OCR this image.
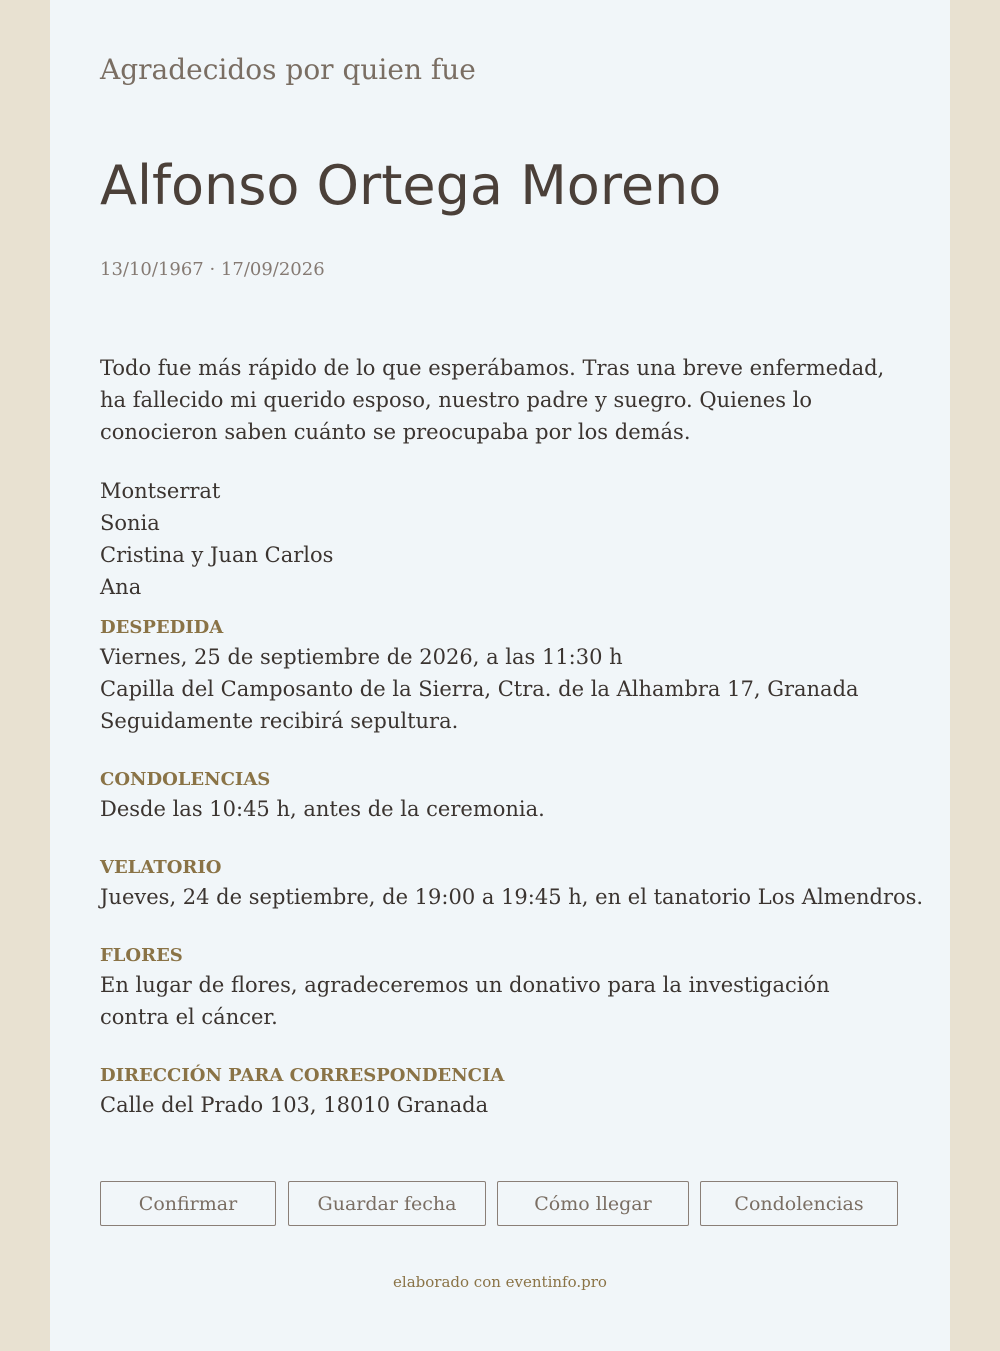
Agradecidos por quien fue

Alfonso Ortega Moreno

13/10/1967 · 17/09/2026

Todo fue más rápido de lo que esperábamos. Tras una breve enfermedad, ha fallecido mi querido esposo, nuestro padre y suegro. Quienes lo conocieron saben cuánto se preocupaba por los demás.

Montserrat
Sonia
Cristina y Juan Carlos
Ana
DESPEDIDA
Viernes, 25 de septiembre de 2026, a las 11:30 h
Capilla del Camposanto de la Sierra, Ctra. de la Alhambra 17, Granada
Seguidamente recibirá sepultura.
CONDOLENCIAS
Desde las 10:45 h, antes de la ceremonia.
VELATORIO
Jueves, 24 de septiembre, de 19:00 a 19:45 h, en el tanatorio Los Almendros.
FLORES
En lugar de flores, agradeceremos un donativo para la investigación contra el cáncer.
DIRECCIÓN PARA CORRESPONDENCIA
Calle del Prado 103, 18010 Granada
Confirmar	Guardar fecha	Cómo llegar	Condolencias
elaborado con eventinfo.pro
